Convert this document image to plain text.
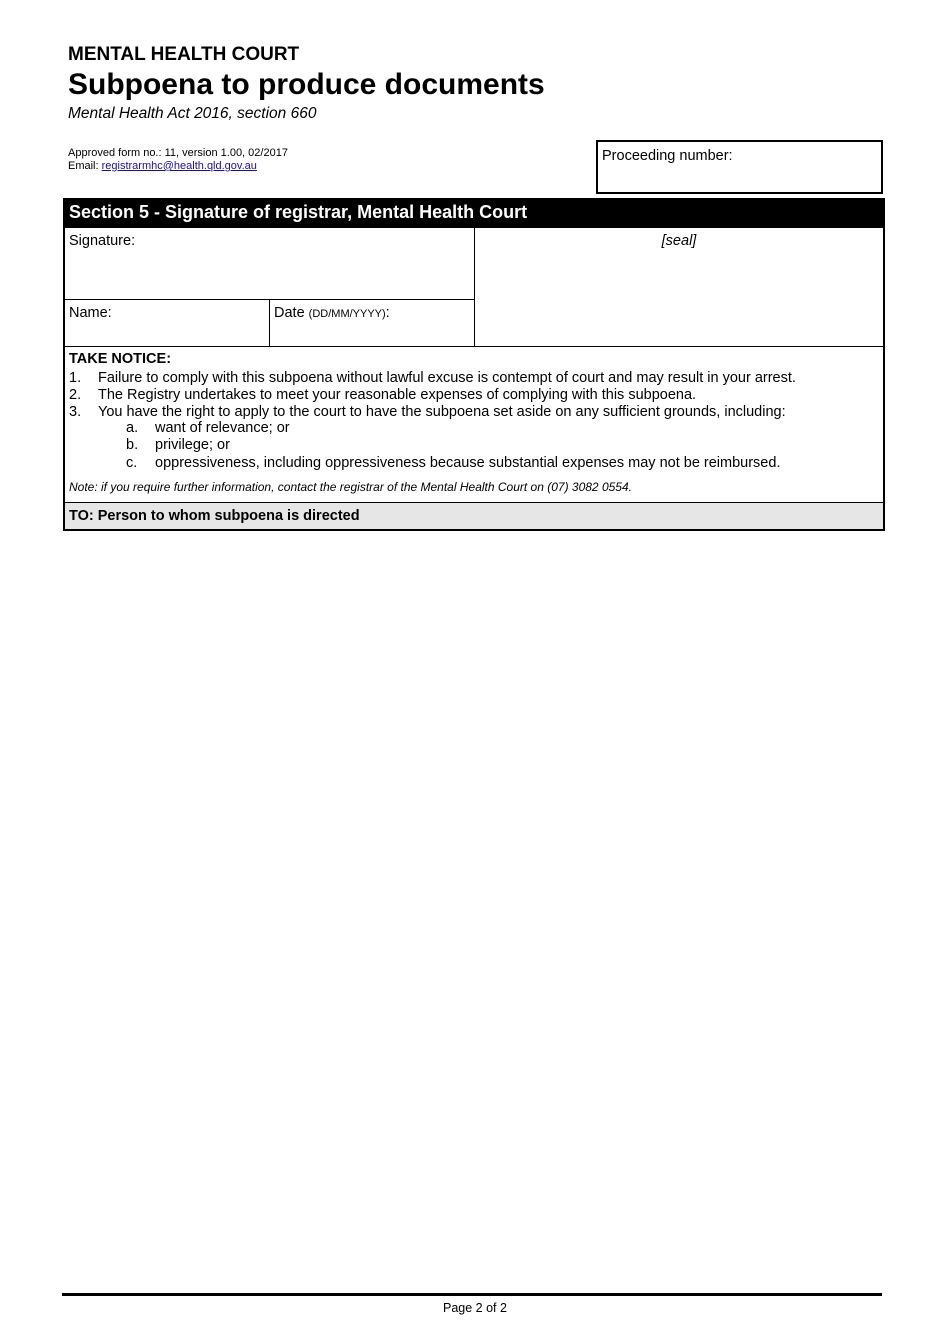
MENTAL HEALTH COURT
Subpoena to produce documents
Mental Health Act 2016, section 660
Approved form no.: 11, version 1.00, 02/2017
Email: registrarmhc@health.qld.gov.au
Proceeding number:
Section 5 - Signature of registrar, Mental Health Court
Signature:
Name:	Date (DD/MM/YYYY):
[seal]
TAKE NOTICE:
1. Failure to comply with this subpoena without lawful excuse is contempt of court and may result in your arrest.
2. The Registry undertakes to meet your reasonable expenses of complying with this subpoena.
3. You have the right to apply to the court to have the subpoena set aside on any sufficient grounds, including:
a. want of relevance; or
b. privilege; or
c. oppressiveness, including oppressiveness because substantial expenses may not be reimbursed.
Note: if you require further information, contact the registrar of the Mental Health Court on (07) 3082 0554.
TO: Person to whom subpoena is directed
Page 2 of 2
